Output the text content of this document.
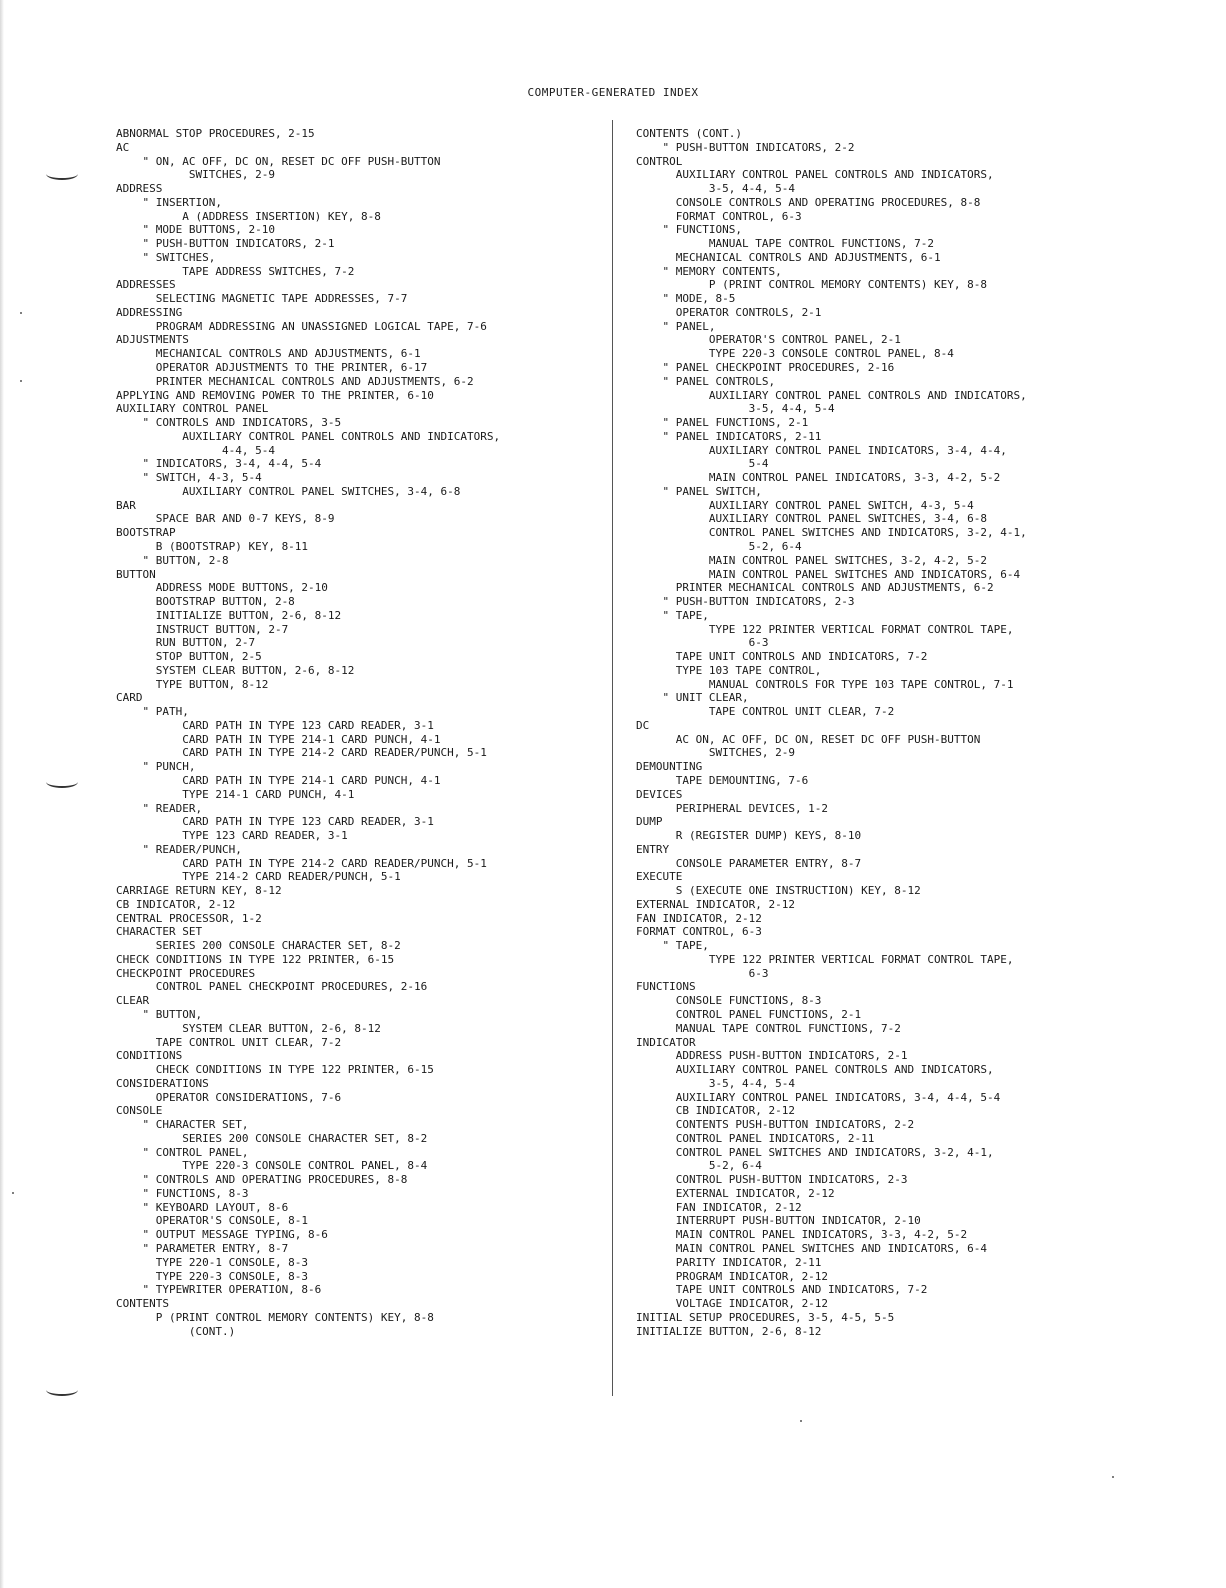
COMPUTER-GENERATED INDEX
ABNORMAL STOP PROCEDURES, 2-15
AC
" ON, AC OFF, DC ON, RESET DC OFF PUSH-BUTTON
SWITCHES, 2-9
ADDRESS
" INSERTION,
A (ADDRESS INSERTION) KEY, 8-8
" MODE BUTTONS, 2-10
" PUSH-BUTTON INDICATORS, 2-1
" SWITCHES,
TAPE ADDRESS SWITCHES, 7-2
ADDRESSES
SELECTING MAGNETIC TAPE ADDRESSES, 7-7
ADDRESSING
PROGRAM ADDRESSING AN UNASSIGNED LOGICAL TAPE, 7-6
ADJUSTMENTS
MECHANICAL CONTROLS AND ADJUSTMENTS, 6-1
OPERATOR ADJUSTMENTS TO THE PRINTER, 6-17
PRINTER MECHANICAL CONTROLS AND ADJUSTMENTS, 6-2
APPLYING AND REMOVING POWER TO THE PRINTER, 6-10
AUXILIARY CONTROL PANEL
" CONTROLS AND INDICATORS, 3-5
AUXILIARY CONTROL PANEL CONTROLS AND INDICATORS,
4-4, 5-4
" INDICATORS, 3-4, 4-4, 5-4
" SWITCH, 4-3, 5-4
AUXILIARY CONTROL PANEL SWITCHES, 3-4, 6-8
BAR
SPACE BAR AND 0-7 KEYS, 8-9
BOOTSTRAP
B (BOOTSTRAP) KEY, 8-11
" BUTTON, 2-8
BUTTON
ADDRESS MODE BUTTONS, 2-10
BOOTSTRAP BUTTON, 2-8
INITIALIZE BUTTON, 2-6, 8-12
INSTRUCT BUTTON, 2-7
RUN BUTTON, 2-7
STOP BUTTON, 2-5
SYSTEM CLEAR BUTTON, 2-6, 8-12
TYPE BUTTON, 8-12
CARD
" PATH,
CARD PATH IN TYPE 123 CARD READER, 3-1
CARD PATH IN TYPE 214-1 CARD PUNCH, 4-1
CARD PATH IN TYPE 214-2 CARD READER/PUNCH, 5-1
" PUNCH,
CARD PATH IN TYPE 214-1 CARD PUNCH, 4-1
TYPE 214-1 CARD PUNCH, 4-1
" READER,
CARD PATH IN TYPE 123 CARD READER, 3-1
TYPE 123 CARD READER, 3-1
" READER/PUNCH,
CARD PATH IN TYPE 214-2 CARD READER/PUNCH, 5-1
TYPE 214-2 CARD READER/PUNCH, 5-1
CARRIAGE RETURN KEY, 8-12
CB INDICATOR, 2-12
CENTRAL PROCESSOR, 1-2
CHARACTER SET
SERIES 200 CONSOLE CHARACTER SET, 8-2
CHECK CONDITIONS IN TYPE 122 PRINTER, 6-15
CHECKPOINT PROCEDURES
CONTROL PANEL CHECKPOINT PROCEDURES, 2-16
CLEAR
" BUTTON,
SYSTEM CLEAR BUTTON, 2-6, 8-12
TAPE CONTROL UNIT CLEAR, 7-2
CONDITIONS
CHECK CONDITIONS IN TYPE 122 PRINTER, 6-15
CONSIDERATIONS
OPERATOR CONSIDERATIONS, 7-6
CONSOLE
" CHARACTER SET,
SERIES 200 CONSOLE CHARACTER SET, 8-2
" CONTROL PANEL,
TYPE 220-3 CONSOLE CONTROL PANEL, 8-4
" CONTROLS AND OPERATING PROCEDURES, 8-8
" FUNCTIONS, 8-3
" KEYBOARD LAYOUT, 8-6
OPERATOR'S CONSOLE, 8-1
" OUTPUT MESSAGE TYPING, 8-6
" PARAMETER ENTRY, 8-7
TYPE 220-1 CONSOLE, 8-3
TYPE 220-3 CONSOLE, 8-3
" TYPEWRITER OPERATION, 8-6
CONTENTS
P (PRINT CONTROL MEMORY CONTENTS) KEY, 8-8
(CONT.)
CONTENTS (CONT.)
" PUSH-BUTTON INDICATORS, 2-2
CONTROL
AUXILIARY CONTROL PANEL CONTROLS AND INDICATORS,
3-5, 4-4, 5-4
CONSOLE CONTROLS AND OPERATING PROCEDURES, 8-8
FORMAT CONTROL, 6-3
" FUNCTIONS,
MANUAL TAPE CONTROL FUNCTIONS, 7-2
MECHANICAL CONTROLS AND ADJUSTMENTS, 6-1
" MEMORY CONTENTS,
P (PRINT CONTROL MEMORY CONTENTS) KEY, 8-8
" MODE, 8-5
OPERATOR CONTROLS, 2-1
" PANEL,
OPERATOR'S CONTROL PANEL, 2-1
TYPE 220-3 CONSOLE CONTROL PANEL, 8-4
" PANEL CHECKPOINT PROCEDURES, 2-16
" PANEL CONTROLS,
AUXILIARY CONTROL PANEL CONTROLS AND INDICATORS,
3-5, 4-4, 5-4
" PANEL FUNCTIONS, 2-1
" PANEL INDICATORS, 2-11
AUXILIARY CONTROL PANEL INDICATORS, 3-4, 4-4,
5-4
MAIN CONTROL PANEL INDICATORS, 3-3, 4-2, 5-2
" PANEL SWITCH,
AUXILIARY CONTROL PANEL SWITCH, 4-3, 5-4
AUXILIARY CONTROL PANEL SWITCHES, 3-4, 6-8
CONTROL PANEL SWITCHES AND INDICATORS, 3-2, 4-1,
5-2, 6-4
MAIN CONTROL PANEL SWITCHES, 3-2, 4-2, 5-2
MAIN CONTROL PANEL SWITCHES AND INDICATORS, 6-4
PRINTER MECHANICAL CONTROLS AND ADJUSTMENTS, 6-2
" PUSH-BUTTON INDICATORS, 2-3
" TAPE,
TYPE 122 PRINTER VERTICAL FORMAT CONTROL TAPE,
6-3
TAPE UNIT CONTROLS AND INDICATORS, 7-2
TYPE 103 TAPE CONTROL,
MANUAL CONTROLS FOR TYPE 103 TAPE CONTROL, 7-1
" UNIT CLEAR,
TAPE CONTROL UNIT CLEAR, 7-2
DC
AC ON, AC OFF, DC ON, RESET DC OFF PUSH-BUTTON
SWITCHES, 2-9
DEMOUNTING
TAPE DEMOUNTING, 7-6
DEVICES
PERIPHERAL DEVICES, 1-2
DUMP
R (REGISTER DUMP) KEYS, 8-10
ENTRY
CONSOLE PARAMETER ENTRY, 8-7
EXECUTE
S (EXECUTE ONE INSTRUCTION) KEY, 8-12
EXTERNAL INDICATOR, 2-12
FAN INDICATOR, 2-12
FORMAT CONTROL, 6-3
" TAPE,
TYPE 122 PRINTER VERTICAL FORMAT CONTROL TAPE,
6-3
FUNCTIONS
CONSOLE FUNCTIONS, 8-3
CONTROL PANEL FUNCTIONS, 2-1
MANUAL TAPE CONTROL FUNCTIONS, 7-2
INDICATOR
ADDRESS PUSH-BUTTON INDICATORS, 2-1
AUXILIARY CONTROL PANEL CONTROLS AND INDICATORS,
3-5, 4-4, 5-4
AUXILIARY CONTROL PANEL INDICATORS, 3-4, 4-4, 5-4
CB INDICATOR, 2-12
CONTENTS PUSH-BUTTON INDICATORS, 2-2
CONTROL PANEL INDICATORS, 2-11
CONTROL PANEL SWITCHES AND INDICATORS, 3-2, 4-1,
5-2, 6-4
CONTROL PUSH-BUTTON INDICATORS, 2-3
EXTERNAL INDICATOR, 2-12
FAN INDICATOR, 2-12
INTERRUPT PUSH-BUTTON INDICATOR, 2-10
MAIN CONTROL PANEL INDICATORS, 3-3, 4-2, 5-2
MAIN CONTROL PANEL SWITCHES AND INDICATORS, 6-4
PARITY INDICATOR, 2-11
PROGRAM INDICATOR, 2-12
TAPE UNIT CONTROLS AND INDICATORS, 7-2
VOLTAGE INDICATOR, 2-12
INITIAL SETUP PROCEDURES, 3-5, 4-5, 5-5
INITIALIZE BUTTON, 2-6, 8-12
